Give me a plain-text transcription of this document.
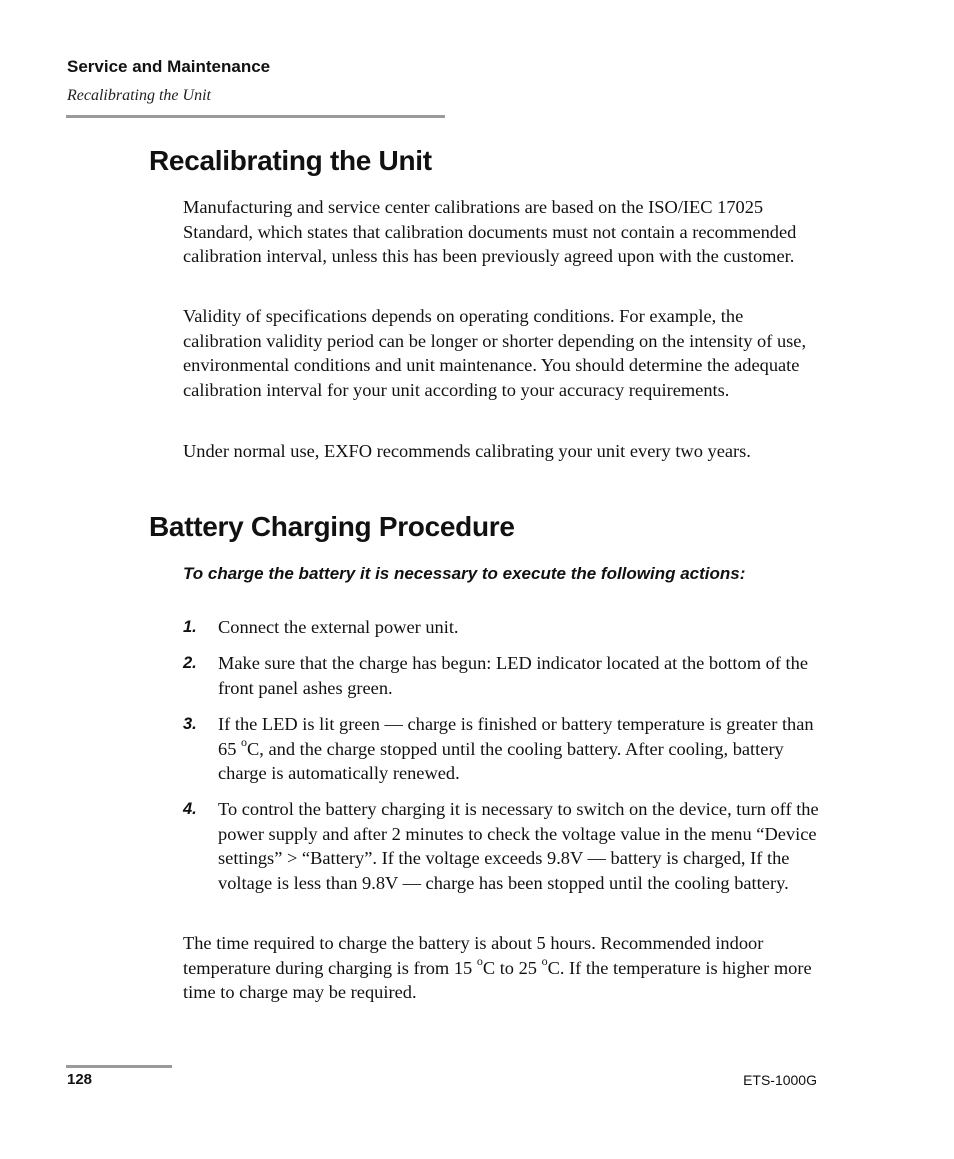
Service and Maintenance
Recalibrating the Unit
Recalibrating the Unit

Manufacturing and service center calibrations are based on the ISO/IEC 17025 Standard, which states that calibration documents must not contain a recommended calibration interval, unless this has been previously agreed upon with the customer.

Validity of specifications depends on operating conditions. For example, the calibration validity period can be longer or shorter depending on the intensity of use, environmental conditions and unit maintenance. You should determine the adequate calibration interval for your unit according to your accuracy requirements.

Under normal use, EXFO recommends calibrating your unit every two years.

Battery Charging Procedure

To charge the battery it is necessary to execute the following actions:

1. Connect the external power unit.
2. Make sure that the charge has begun: LED indicator located at the bottom of the front panel ashes green.
3. If the LED is lit green — charge is finished or battery temperature is greater than 65 $^o$C, and the charge stopped until the cooling battery. After cooling, battery charge is automatically renewed.
4. To control the battery charging it is necessary to switch on the device, turn off the power supply and after 2 minutes to check the voltage value in the menu “Device settings” > “Battery”. If the voltage exceeds 9.8V — battery is charged, If the voltage is less than 9.8V — charge has been stopped until the cooling battery.

The time required to charge the battery is about 5 hours. Recommended indoor temperature during charging is from 15 $^o$C to 25 $^o$C. If the temperature is higher more time to charge may be required.

128	ETS-1000G
